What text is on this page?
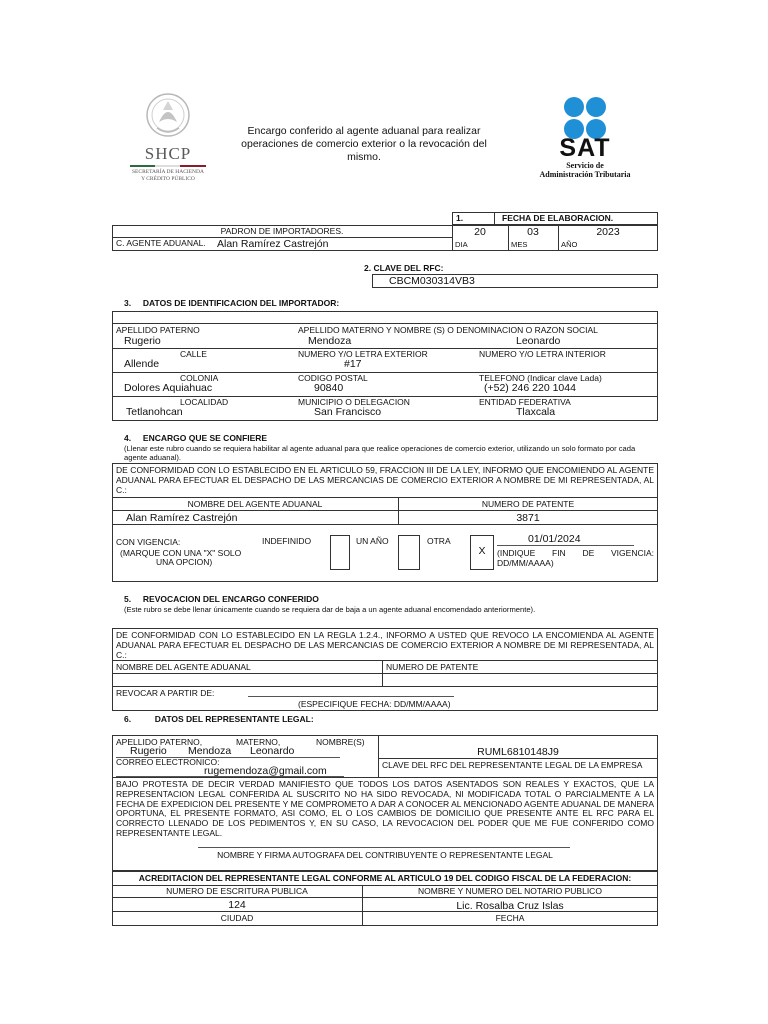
SHCP
SECRETARÍA DE HACIENDA
Y CRÉDITO PÚBLICO
Encargo conferido al agente aduanal para realizar operaciones de comercio exterior o la revocación del mismo.	SAT
Servicio de
Administración Tributaria
1.	FECHA DE ELABORACION.
PADRON DE IMPORTADORES.
C. AGENTE ADUANAL. Alan Ramírez Castrejón
20	03	2023
DIA	MES	AÑO
2. CLAVE DEL RFC:
CBCM030314VB3
3.     DATOS DE IDENTIFICACION DEL IMPORTADOR:
APELLIDO PATERNO	APELLIDO MATERNO Y NOMBRE (S) O DENOMINACION O RAZON SOCIAL
Rugerio	Mendoza	Leonardo
CALLE	NUMERO Y/O LETRA EXTERIOR	NUMERO Y/O LETRA INTERIOR
Allende	#17
COLONIA	CODIGO POSTAL	TELEFONO (Indicar clave Lada)
Dolores Aquiahuac	90840	(+52) 246 220 1044
LOCALIDAD	MUNICIPIO O DELEGACION	ENTIDAD FEDERATIVA
Tetlanohcan	San Francisco	Tlaxcala
4.     ENCARGO QUE SE CONFIERE
(Llenar este rubro cuando se requiera habilitar al agente aduanal para que realice operaciones de comercio exterior, utilizando un solo formato por cada agente aduanal).
DE CONFORMIDAD CON LO ESTABLECIDO EN EL ARTICULO 59, FRACCION III DE LA LEY, INFORMO QUE ENCOMIENDO AL AGENTE ADUANAL PARA EFECTUAR EL DESPACHO DE LAS MERCANCIAS DE COMERCIO EXTERIOR A NOMBRE DE MI REPRESENTADA, AL C.:
NOMBRE DEL AGENTE ADUANAL	NUMERO DE PATENTE
Alan Ramírez Castrejón	3871
CON VIGENCIA:
(MARQUE CON UNA "X" SOLO
UNA OPCION)
INDEFINIDO	UN AÑO	OTRA
X
01/01/2024
(INDIQUE FIN DE VIGENCIA: DD/MM/AAAA)
5.     REVOCACION DEL ENCARGO CONFERIDO
(Este rubro se debe llenar únicamente cuando se requiera dar de baja a un agente aduanal encomendado anteriormente).
DE CONFORMIDAD CON LO ESTABLECIDO EN LA REGLA 1.2.4., INFORMO A USTED QUE REVOCO LA ENCOMIENDA AL AGENTE ADUANAL PARA EFECTUAR EL DESPACHO DE LAS MERCANCIAS DE COMERCIO EXTERIOR A NOMBRE DE MI REPRESENTADA, AL C.:
NOMBRE DEL AGENTE ADUANAL	NUMERO DE PATENTE
REVOCAR A PARTIR DE:
(ESPECIFIQUE FECHA: DD/MM/AAAA)
6.          DATOS DEL REPRESENTANTE LEGAL:
APELLIDO PATERNO,	MATERNO,	NOMBRE(S)
Rugerio Mendoza Leonardo	RUML6810148J9
CLAVE DEL RFC DEL REPRESENTANTE LEGAL DE LA EMPRESA
CORREO ELECTRONICO:
rugemendoza@gmail.com
BAJO PROTESTA DE DECIR VERDAD MANIFIESTO QUE TODOS LOS DATOS ASENTADOS SON REALES Y EXACTOS, QUE LA REPRESENTACION LEGAL CONFERIDA AL SUSCRITO NO HA SIDO REVOCADA, NI MODIFICADA TOTAL O PARCIALMENTE A LA FECHA DE EXPEDICION DEL PRESENTE Y ME COMPROMETO A DAR A CONOCER AL MENCIONADO AGENTE ADUANAL DE MANERA OPORTUNA, EL PRESENTE FORMATO, ASI COMO, EL O LOS CAMBIOS DE DOMICILIO QUE PRESENTE ANTE EL RFC PARA EL CORRECTO LLENADO DE LOS PEDIMENTOS Y, EN SU CASO, LA REVOCACION DEL PODER QUE ME FUE CONFERIDO COMO REPRESENTANTE LEGAL.
NOMBRE Y FIRMA AUTOGRAFA DEL CONTRIBUYENTE O REPRESENTANTE LEGAL
ACREDITACION DEL REPRESENTANTE LEGAL CONFORME AL ARTICULO 19 DEL CODIGO FISCAL DE LA FEDERACION:
NUMERO DE ESCRITURA PUBLICA	NOMBRE Y NUMERO DEL NOTARIO PUBLICO
124	Lic. Rosalba Cruz Islas
CIUDAD	FECHA
